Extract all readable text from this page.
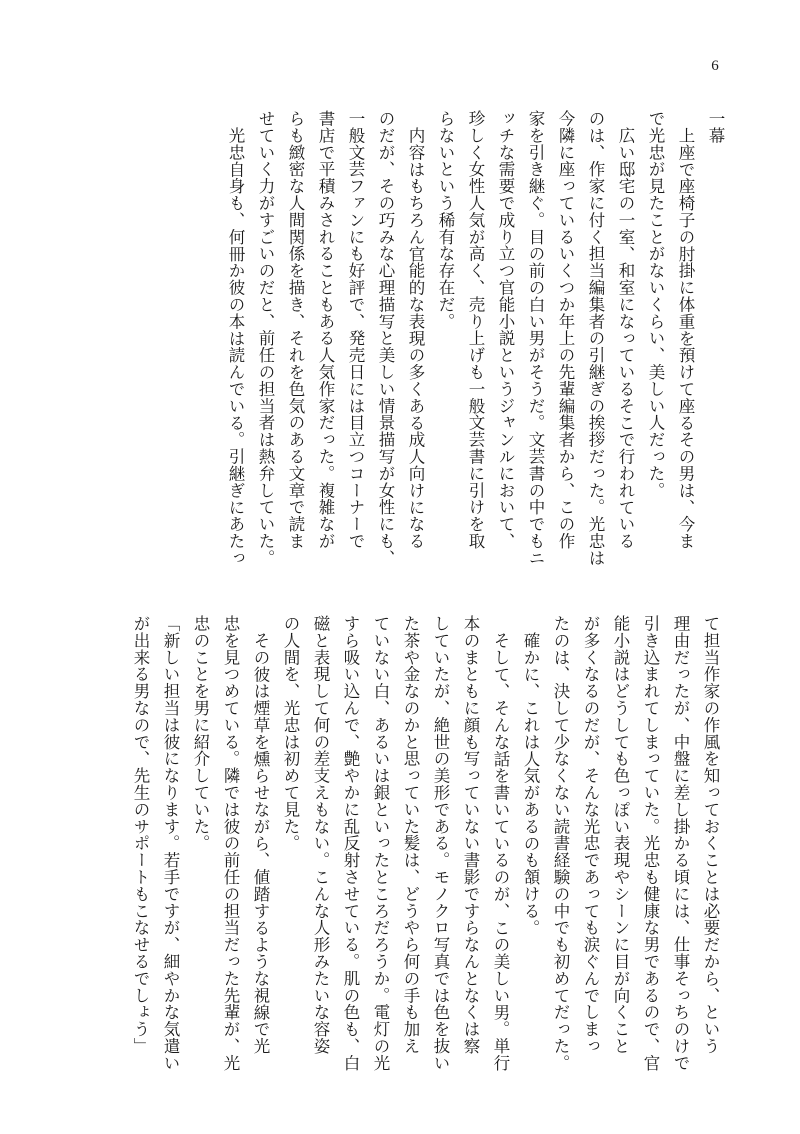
6
一幕
上座で座椅子の肘掛に体重を預けて座るその男は、今ま
で光忠が見たことがないくらい、美しい人だった。
広い邸宅の一室、和室になっているそこで行われている
のは、作家に付く担当編集者の引継ぎの挨拶だった。光忠は
今隣に座っているいくつか年上の先輩編集者から、この作
家を引き継ぐ。目の前の白い男がそうだ。文芸書の中でもニ
ッチな需要で成り立つ官能小説というジャンルにおいて、
珍しく女性人気が高く、売り上げも一般文芸書に引けを取
らないという稀有な存在だ。
内容はもちろん官能的な表現の多くある成人向けになる
のだが、その巧みな心理描写と美しい情景描写が女性にも、
一般文芸ファンにも好評で、発売日には目立つコーナーで
書店で平積みされることもある人気作家だった。複雑なが
らも緻密な人間関係を描き、それを色気のある文章で読ま
せていく力がすごいのだと、前任の担当者は熱弁していた。
光忠自身も、何冊か彼の本は読んでいる。引継ぎにあたっ
て担当作家の作風を知っておくことは必要だから、という
理由だったが、中盤に差し掛かる頃には、仕事そっちのけで
引き込まれてしまっていた。光忠も健康な男であるので、官
能小説はどうしても色っぽい表現やシーンに目が向くこと
が多くなるのだが、そんな光忠であっても涙ぐんでしまっ
たのは、決して少なくない読書経験の中でも初めてだった。
確かに、これは人気があるのも頷ける。
そして、そんな話を書いているのが、この美しい男。単行
本のまともに顔も写っていない書影ですらなんとなくは察
していたが、絶世の美形である。モノクロ写真では色を抜い
た茶や金なのかと思っていた髪は、どうやら何の手も加え
ていない白、あるいは銀といったところだろうか。電灯の光
すら吸い込んで、艶やかに乱反射させている。肌の色も、白
磁と表現して何の差支えもない。こんな人形みたいな容姿
の人間を、光忠は初めて見た。
その彼は煙草を燻らせながら、値踏するような視線で光
忠を見つめている。隣では彼の前任の担当だった先輩が、光
忠のことを男に紹介していた。
「新しい担当は彼になります。若手ですが、細やかな気遣い
が出来る男なので、先生のサポートもこなせるでしょう」
